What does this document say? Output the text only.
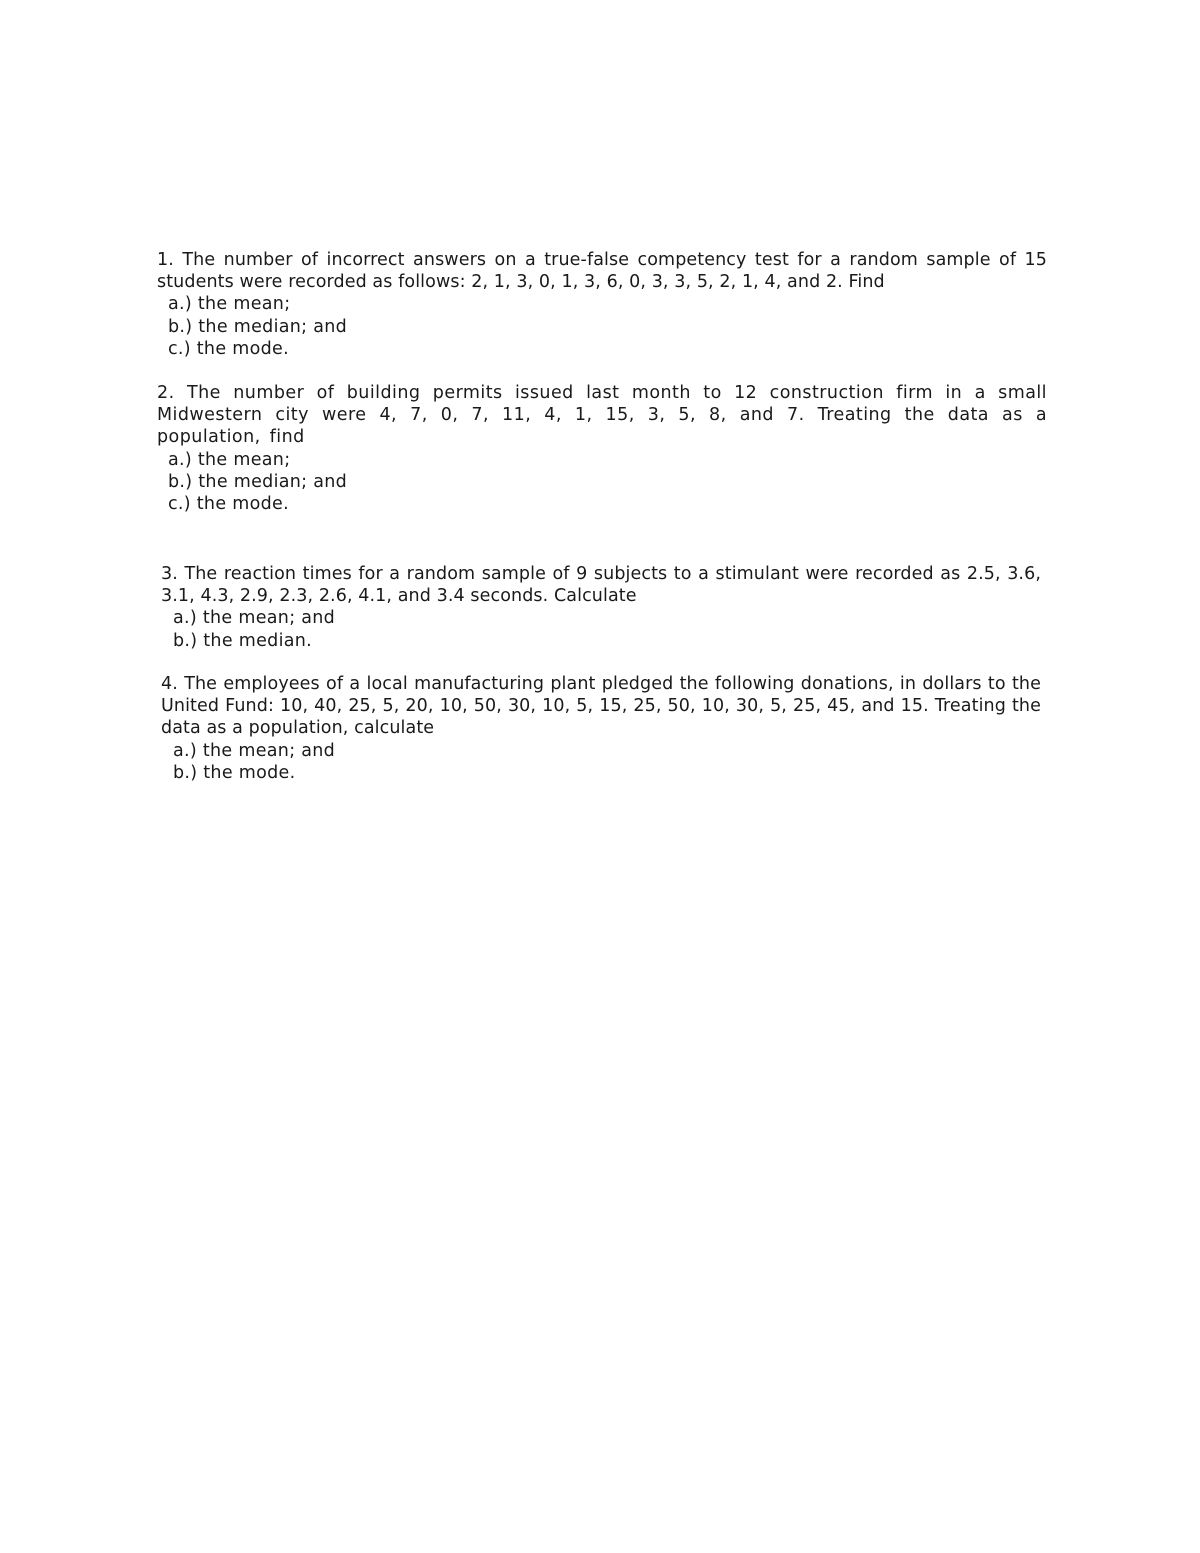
1. The number of incorrect answers on a true-false competency test for a random sample of 15 students were recorded as follows: 2, 1, 3, 0, 1, 3, 6, 0, 3, 3, 5, 2, 1, 4, and 2. Find

a.) the mean;
b.) the median; and
c.) the mode.

2. The number of building permits issued last month to 12 construction firm in a small Midwestern city were 4, 7, 0, 7, 11, 4, 1, 15, 3, 5, 8, and 7. Treating the data as a population, find

a.) the mean;
b.) the median; and
c.) the mode.

3. The reaction times for a random sample of 9 subjects to a stimulant were recorded as 2.5, 3.6, 3.1, 4.3, 2.9, 2.3, 2.6, 4.1, and 3.4 seconds. Calculate

a.) the mean; and
b.) the median.

4. The employees of a local manufacturing plant pledged the following donations, in dollars to the United Fund: 10, 40, 25, 5, 20, 10, 50, 30, 10, 5, 15, 25, 50, 10, 30, 5, 25, 45, and 15. Treating the data as a population, calculate

a.) the mean; and
b.) the mode.
